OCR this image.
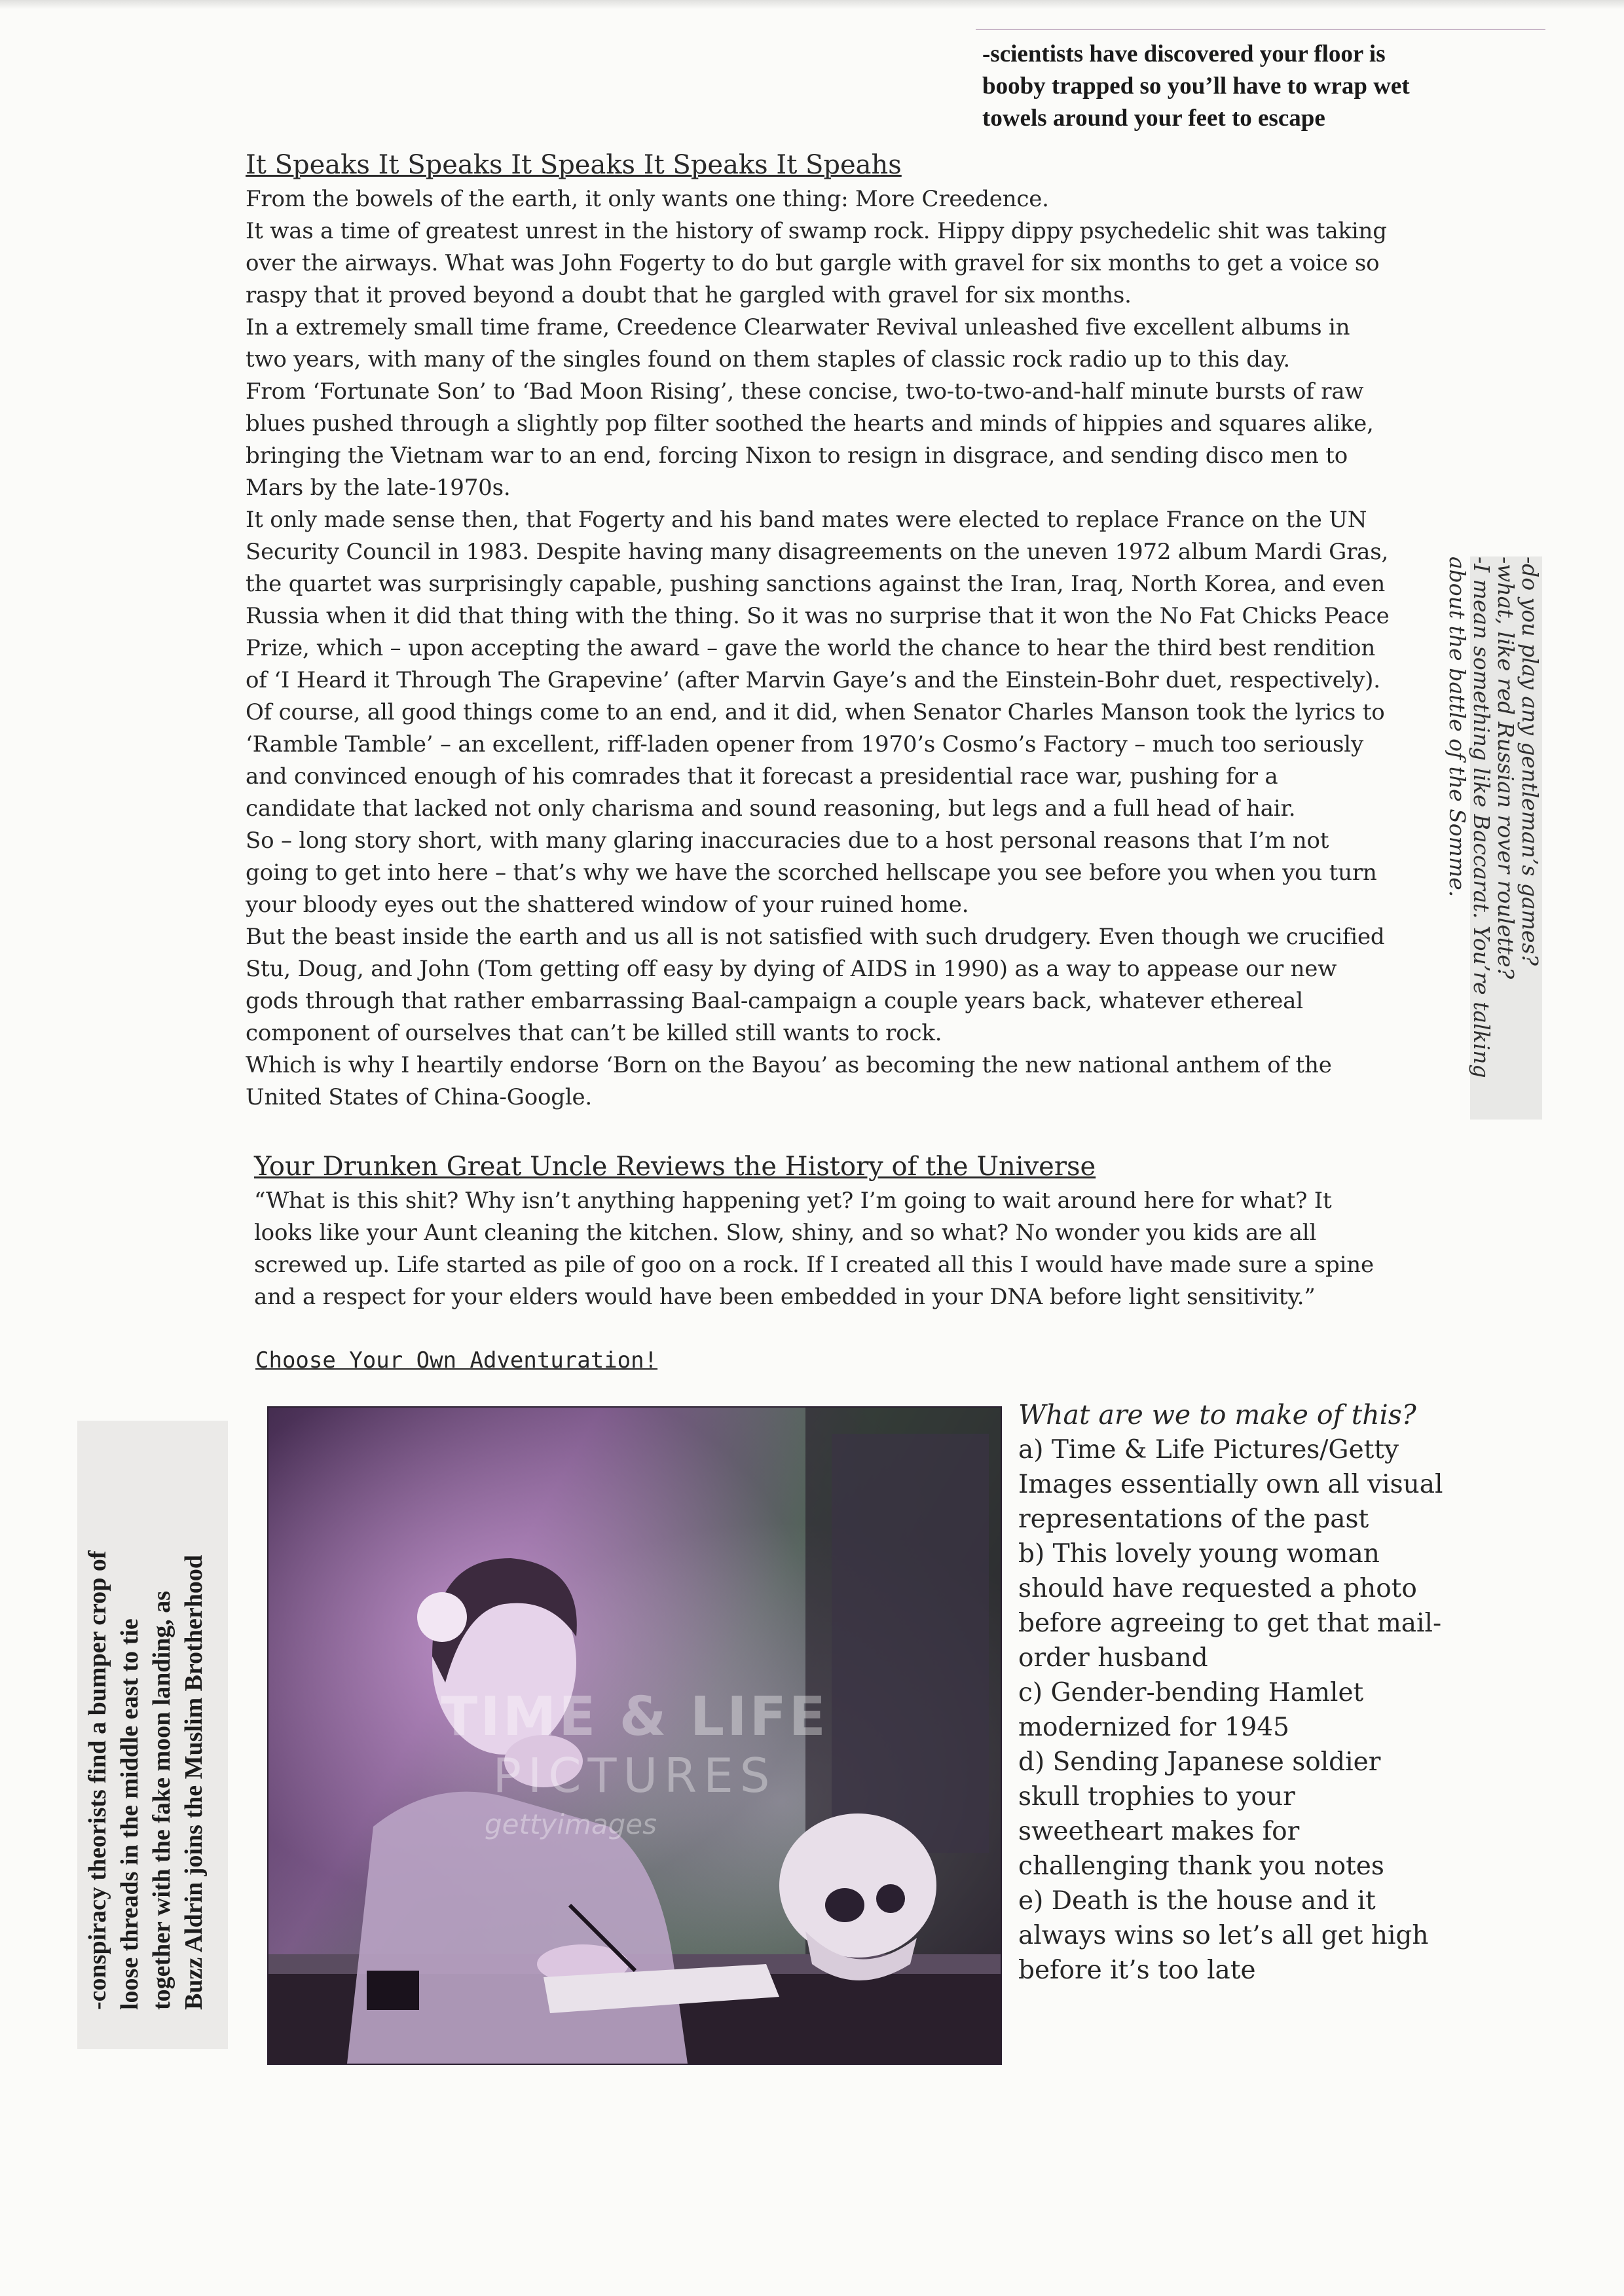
-scientists have discovered your floor is
booby trapped so you’ll have to wrap wet
towels around your feet to escape
It Speaks It Speaks It Speaks It Speaks It Speahs

From the bowels of the earth, it only wants one thing: More Creedence.

It was a time of greatest unrest in the history of swamp rock. Hippy dippy psychedelic shit was taking

over the airways. What was John Fogerty to do but gargle with gravel for six months to get a voice so

raspy that it proved beyond a doubt that he gargled with gravel for six months.

In a extremely small time frame, Creedence Clearwater Revival unleashed five excellent albums in

two years, with many of the singles found on them staples of classic rock radio up to this day.

From ‘Fortunate Son’ to ‘Bad Moon Rising’, these concise, two-to-two-and-half minute bursts of raw

blues pushed through a slightly pop filter soothed the hearts and minds of hippies and squares alike,

bringing the Vietnam war to an end, forcing Nixon to resign in disgrace, and sending disco men to

Mars by the late-1970s.

It only made sense then, that Fogerty and his band mates were elected to replace France on the UN

Security Council in 1983. Despite having many disagreements on the uneven 1972 album Mardi Gras,

the quartet was surprisingly capable, pushing sanctions against the Iran, Iraq, North Korea, and even

Russia when it did that thing with the thing. So it was no surprise that it won the No Fat Chicks Peace

Prize, which – upon accepting the award – gave the world the chance to hear the third best rendition

of ‘I Heard it Through The Grapevine’ (after Marvin Gaye’s and the Einstein-Bohr duet, respectively).

Of course, all good things come to an end, and it did, when Senator Charles Manson took the lyrics to

‘Ramble Tamble’ – an excellent, riff-laden opener from 1970’s Cosmo’s Factory – much too seriously

and convinced enough of his comrades that it forecast a presidential race war, pushing for a

candidate that lacked not only charisma and sound reasoning, but legs and a full head of hair.

So – long story short, with many glaring inaccuracies due to a host personal reasons that I’m not

going to get into here – that’s why we have the scorched hellscape you see before you when you turn

your bloody eyes out the shattered window of your ruined home.

But the beast inside the earth and us all is not satisfied with such drudgery. Even though we crucified

Stu, Doug, and John (Tom getting off easy by dying of AIDS in 1990) as a way to appease our new

gods through that rather embarrassing Baal-campaign a couple years back, whatever ethereal

component of ourselves that can’t be killed still wants to rock.

Which is why I heartily endorse ‘Born on the Bayou’ as becoming the new national anthem of the

United States of China-Google.

-do you play any gentleman’s games?
-what, like red Russian rover roulette?
-I mean something like Baccarat. You’re talking
about the battle of the Somme.
Your Drunken Great Uncle Reviews the History of the Universe

“What is this shit? Why isn’t anything happening yet? I’m going to wait around here for what? It

looks like your Aunt cleaning the kitchen. Slow, shiny, and so what? No wonder you kids are all

screwed up. Life started as pile of goo on a rock. If I created all this I would have made sure a spine

and a respect for your elders would have been embedded in your DNA before light sensitivity.”

Choose Your Own Adventuration!
TIME & LIFE
PICTURES
gettyimages

What are we to make of this?

a) Time & Life Pictures/Getty

Images essentially own all visual

representations of the past

b) This lovely young woman

should have requested a photo

before agreeing to get that mail-

order husband

c) Gender-bending Hamlet

modernized for 1945

d) Sending Japanese soldier

skull trophies to your

sweetheart makes for

challenging thank you notes

e) Death is the house and it

always wins so let’s all get high

before it’s too late

-conspiracy theorists find a bumper crop of loose threads in the middle east to tie together with the fake moon landing, as Buzz Aldrin joins the Muslim Brotherhood
